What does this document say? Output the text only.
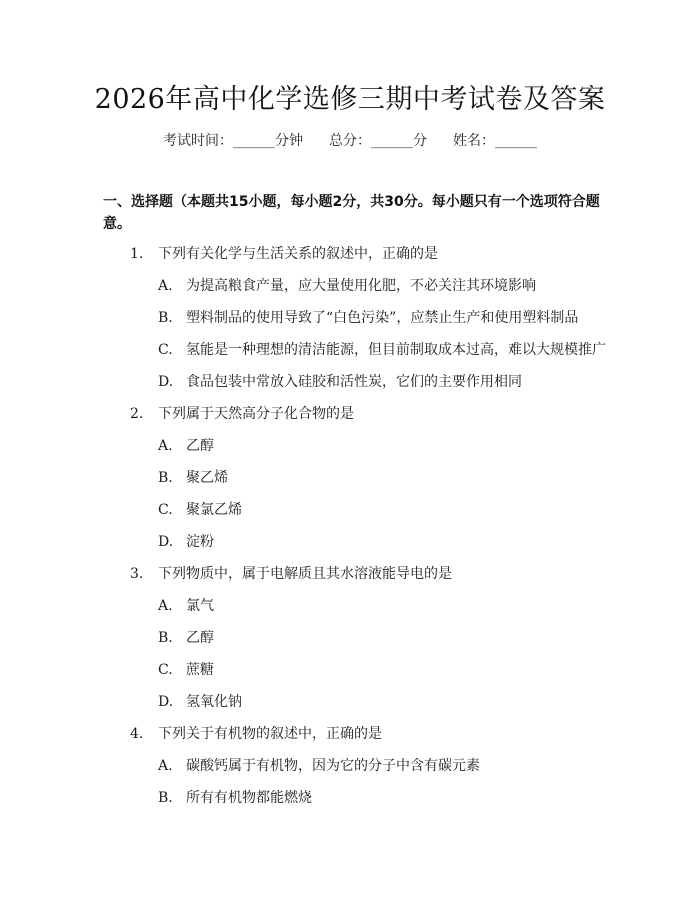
2026年高中化学选修三期中考试卷及答案
考试时间：______分钟 总分：______分 姓名：______
一、选择题（本题共15小题，每小题2分，共30分。每小题只有一个选项符合题意。
1. 下列有关化学与生活关系的叙述中，正确的是
A. 为提高粮食产量，应大量使用化肥，不必关注其环境影响
B. 塑料制品的使用导致了“白色污染”，应禁止生产和使用塑料制品
C. 氢能是一种理想的清洁能源，但目前制取成本过高，难以大规模推广
D. 食品包装中常放入硅胶和活性炭，它们的主要作用相同
2. 下列属于天然高分子化合物的是
A. 乙醇
B. 聚乙烯
C. 聚氯乙烯
D. 淀粉
3. 下列物质中，属于电解质且其水溶液能导电的是
A. 氯气
B. 乙醇
C. 蔗糖
D. 氢氧化钠
4. 下列关于有机物的叙述中，正确的是
A. 碳酸钙属于有机物，因为它的分子中含有碳元素
B. 所有有机物都能燃烧
